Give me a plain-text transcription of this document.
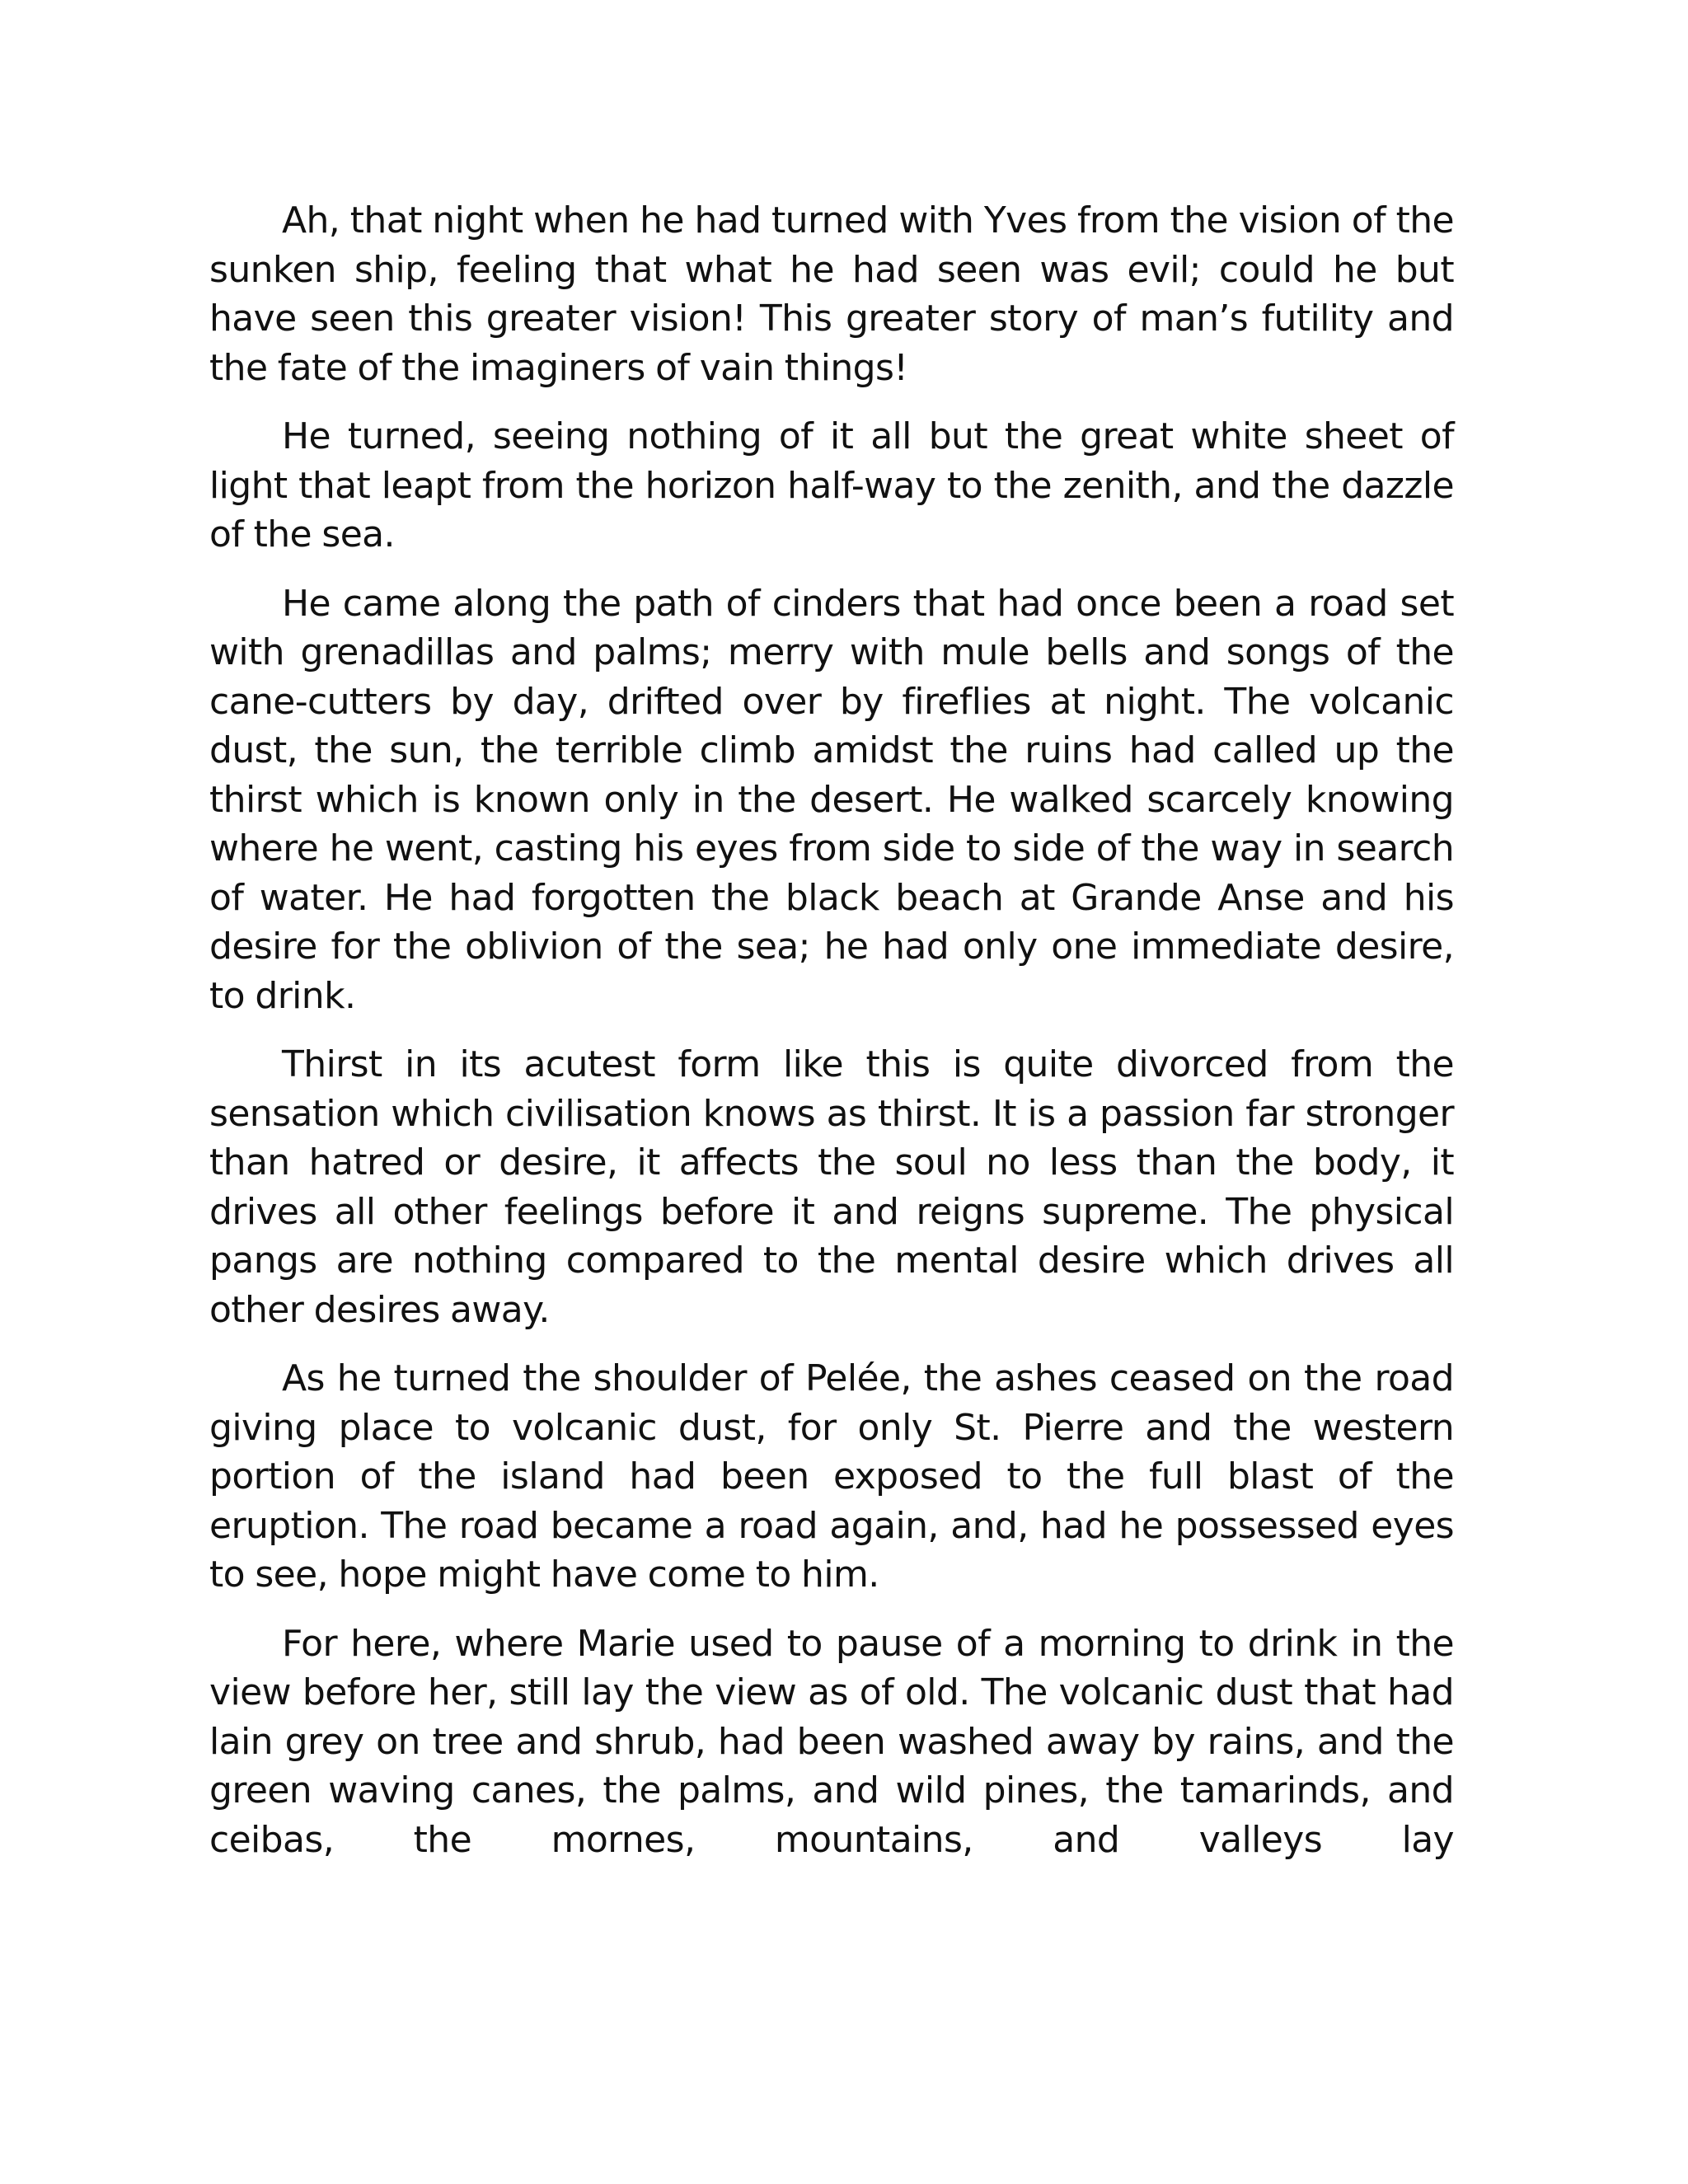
Ah, that night when he had turned with Yves from the vision of the sunken ship, feeling that what he had seen was evil; could he but have seen this greater vision! This greater story of man’s futility and the fate of the imaginers of vain things!

He turned, seeing nothing of it all but the great white sheet of light that leapt from the horizon half-way to the zenith, and the dazzle of the sea.

He came along the path of cinders that had once been a road set with grenadillas and palms; merry with mule bells and songs of the cane-cutters by day, drifted over by fireflies at night. The volcanic dust, the sun, the terrible climb amidst the ruins had called up the thirst which is known only in the desert. He walked scarcely knowing where he went, casting his eyes from side to side of the way in search of water. He had forgotten the black beach at Grande Anse and his desire for the oblivion of the sea; he had only one immediate desire, to drink.

Thirst in its acutest form like this is quite divorced from the sensation which civilisation knows as thirst. It is a passion far stronger than hatred or desire, it affects the soul no less than the body, it drives all other feelings before it and reigns supreme. The physical pangs are nothing compared to the mental desire which drives all other desires away.

As he turned the shoulder of Pelée, the ashes ceased on the road giving place to volcanic dust, for only St. Pierre and the western portion of the island had been exposed to the full blast of the eruption. The road became a road again, and, had he possessed eyes to see, hope might have come to him.

For here, where Marie used to pause of a morning to drink in the view before her, still lay the view as of old. The volcanic dust that had lain grey on tree and shrub, had been washed away by rains, and the green waving canes, the palms, and wild pines, the tamarinds, and ceibas, the mornes, mountains, and valleys lay
